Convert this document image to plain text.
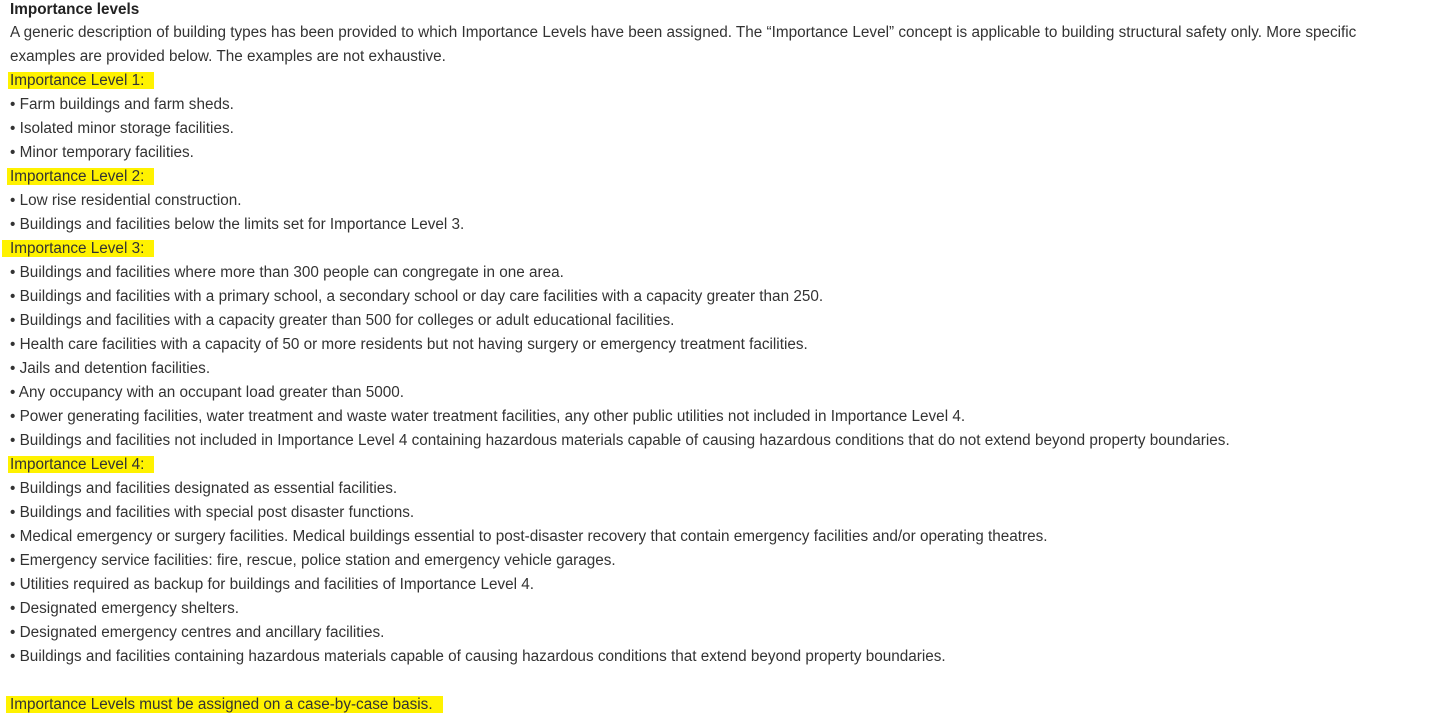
Importance levels
A generic description of building types has been provided to which Importance Levels have been assigned. The “Importance Level” concept is applicable to building structural safety only. More specific examples are provided below. The examples are not exhaustive.
Importance Level 1:
• Farm buildings and farm sheds.
• Isolated minor storage facilities.
• Minor temporary facilities.
Importance Level 2:
• Low rise residential construction.
• Buildings and facilities below the limits set for Importance Level 3.
Importance Level 3:
• Buildings and facilities where more than 300 people can congregate in one area.
• Buildings and facilities with a primary school, a secondary school or day care facilities with a capacity greater than 250.
• Buildings and facilities with a capacity greater than 500 for colleges or adult educational facilities.
• Health care facilities with a capacity of 50 or more residents but not having surgery or emergency treatment facilities.
• Jails and detention facilities.
• Any occupancy with an occupant load greater than 5000.
• Power generating facilities, water treatment and waste water treatment facilities, any other public utilities not included in Importance Level 4.
• Buildings and facilities not included in Importance Level 4 containing hazardous materials capable of causing hazardous conditions that do not extend beyond property boundaries.
Importance Level 4:
• Buildings and facilities designated as essential facilities.
• Buildings and facilities with special post disaster functions.
• Medical emergency or surgery facilities. Medical buildings essential to post-disaster recovery that contain emergency facilities and/or operating theatres.
• Emergency service facilities: fire, rescue, police station and emergency vehicle garages.
• Utilities required as backup for buildings and facilities of Importance Level 4.
• Designated emergency shelters.
• Designated emergency centres and ancillary facilities.
• Buildings and facilities containing hazardous materials capable of causing hazardous conditions that extend beyond property boundaries.
Importance Levels must be assigned on a case-by-case basis.
